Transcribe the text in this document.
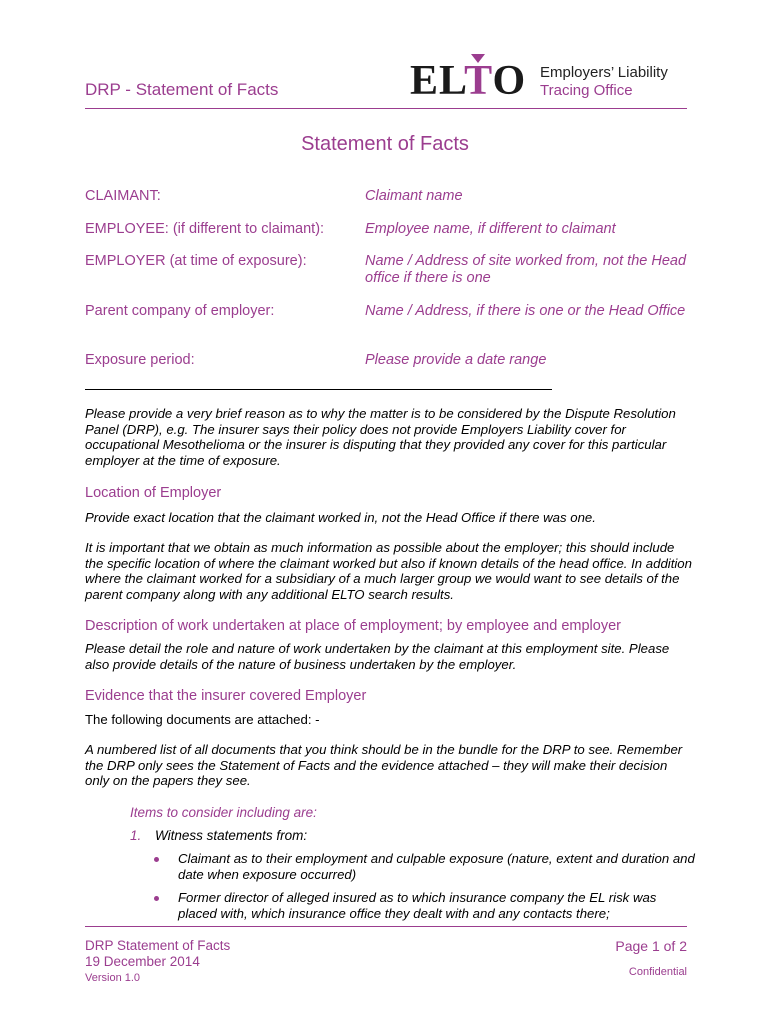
DRP - Statement of Facts	ELTO Employers’ Liability
Tracing Office
Statement of Facts
CLAIMANT:	Claimant name
EMPLOYEE: (if different to claimant):	Employee name, if different to claimant
EMPLOYER (at time of exposure):	Name / Address of site worked from, not the Head office if there is one
Parent company of employer:	Name / Address, if there is one or the Head Office
Exposure period:	Please provide a date range
Please provide a very brief reason as to why the matter is to be considered by the Dispute Resolution Panel (DRP), e.g. The insurer says their policy does not provide Employers Liability cover for occupational Mesothelioma or the insurer is disputing that they provided any cover for this particular employer at the time of exposure.
Location of Employer
Provide exact location that the claimant worked in, not the Head Office if there was one.
It is important that we obtain as much information as possible about the employer; this should include the specific location of where the claimant worked but also if known details of the head office. In addition where the claimant worked for a subsidiary of a much larger group we would want to see details of the parent company along with any additional ELTO search results.
Description of work undertaken at place of employment; by employee and employer
Please detail the role and nature of work undertaken by the claimant at this employment site. Please also provide details of the nature of business undertaken by the employer.
Evidence that the insurer covered Employer
The following documents are attached: -
A numbered list of all documents that you think should be in the bundle for the DRP to see. Remember the DRP only sees the Statement of Facts and the evidence attached – they will make their decision only on the papers they see.
Items to consider including are:
1. Witness statements from:
Claimant as to their employment and culpable exposure (nature, extent and duration and date when exposure occurred)
Former director of alleged insured as to which insurance company the EL risk was placed with, which insurance office they dealt with and any contacts there;
DRP Statement of Facts
19 December 2014
Version 1.0
Page 1 of 2
Confidential
